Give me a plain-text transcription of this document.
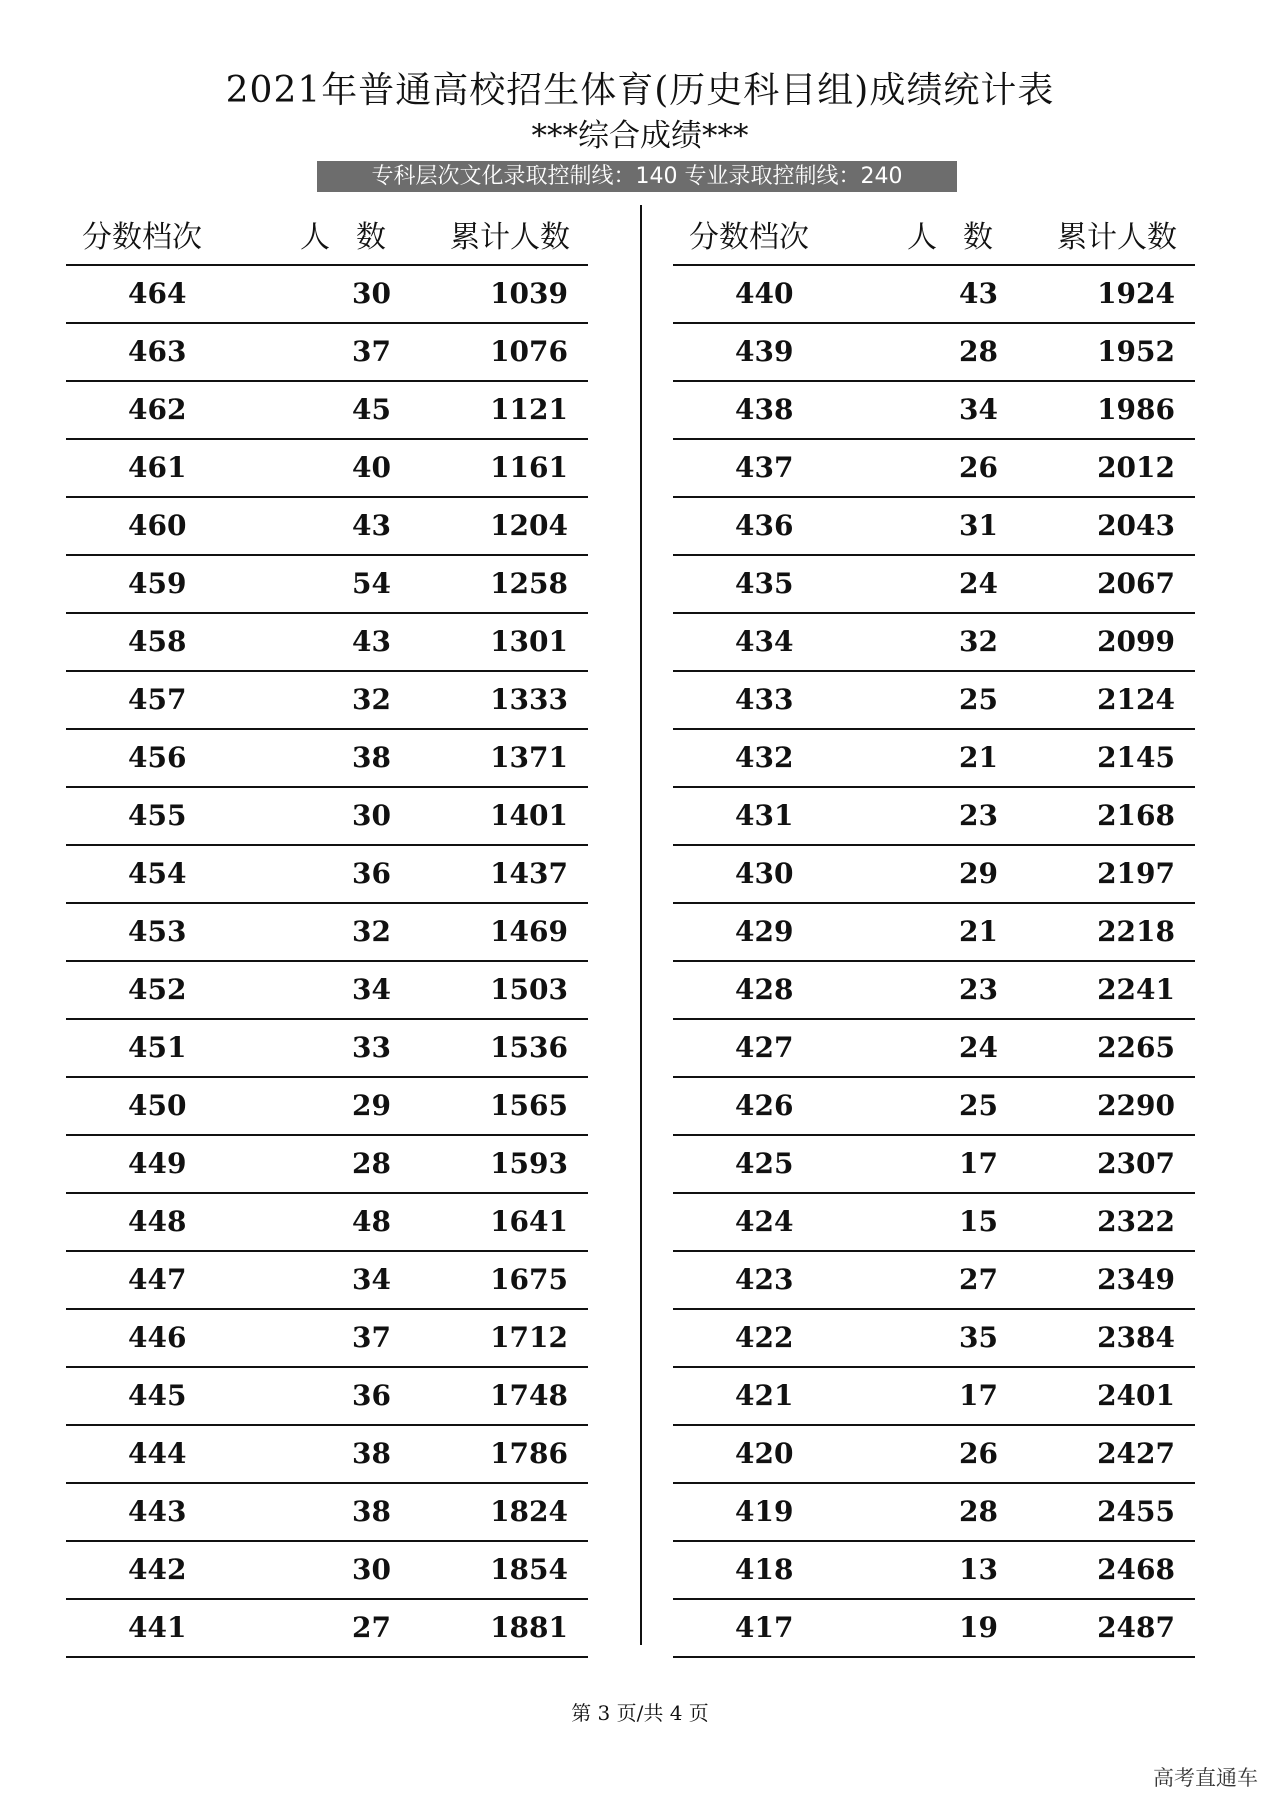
2021年普通高校招生体育(历史科目组)成绩统计表
***综合成绩***
专科层次文化录取控制线：140 专业录取控制线：240
分数档次	人数 累计人数
464	30	1039
463	37	1076
462	45	1121
461	40	1161
460	43	1204
459	54	1258
458	43	1301
457	32	1333
456	38	1371
455	30	1401
454	36	1437
453	32	1469
452	34	1503
451	33	1536
450	29	1565
449	28	1593
448	48	1641
447	34	1675
446	37	1712
445	36	1748
444	38	1786
443	38	1824
442	30	1854
441	27	1881
分数档次	人数 累计人数
440	43	1924
439	28	1952
438	34	1986
437	26	2012
436	31	2043
435	24	2067
434	32	2099
433	25	2124
432	21	2145
431	23	2168
430	29	2197
429	21	2218
428	23	2241
427	24	2265
426	25	2290
425	17	2307
424	15	2322
423	27	2349
422	35	2384
421	17	2401
420	26	2427
419	28	2455
418	13	2468
417	19	2487
第 3 页/共 4 页
高考直通车
